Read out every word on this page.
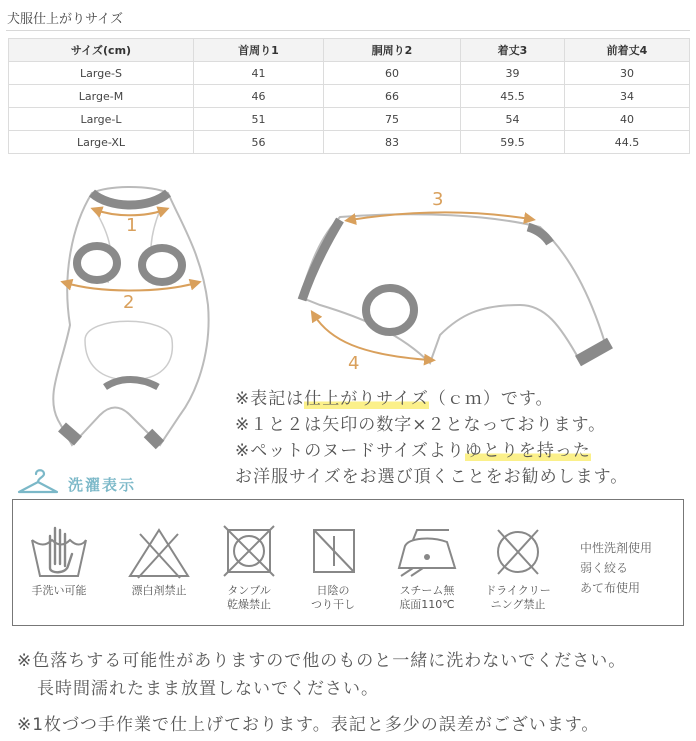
犬服仕上がりサイズ
サイズ(cm)	首周り1	胴周り2	着丈3	前着丈4
Large-S	41	60	39	30
Large-M	46	66	45.5	34
Large-L	51	75	54	40
Large-XL	56	83	59.5	44.5
1
2
3
4
※表記は仕上がりサイズ（ｃｍ）です。
※１と２は矢印の数字×２となっております。
※ペットのヌードサイズよりゆとりを持った
お洋服サイズをお選び頂くことをお勧めします。
洗濯表示
手洗い可能	漂白剤禁止	タンブル
乾燥禁止
日陰の
つり干し
スチーム無
底面110℃
ドライクリー
ニング禁止
中性洗剤使用
弱く絞る
あて布使用
※色落ちする可能性がありますので他のものと一緒に洗わないでください。
長時間濡れたまま放置しないでください。
※1枚づつ手作業で仕上げております。表記と多少の誤差がございます。
